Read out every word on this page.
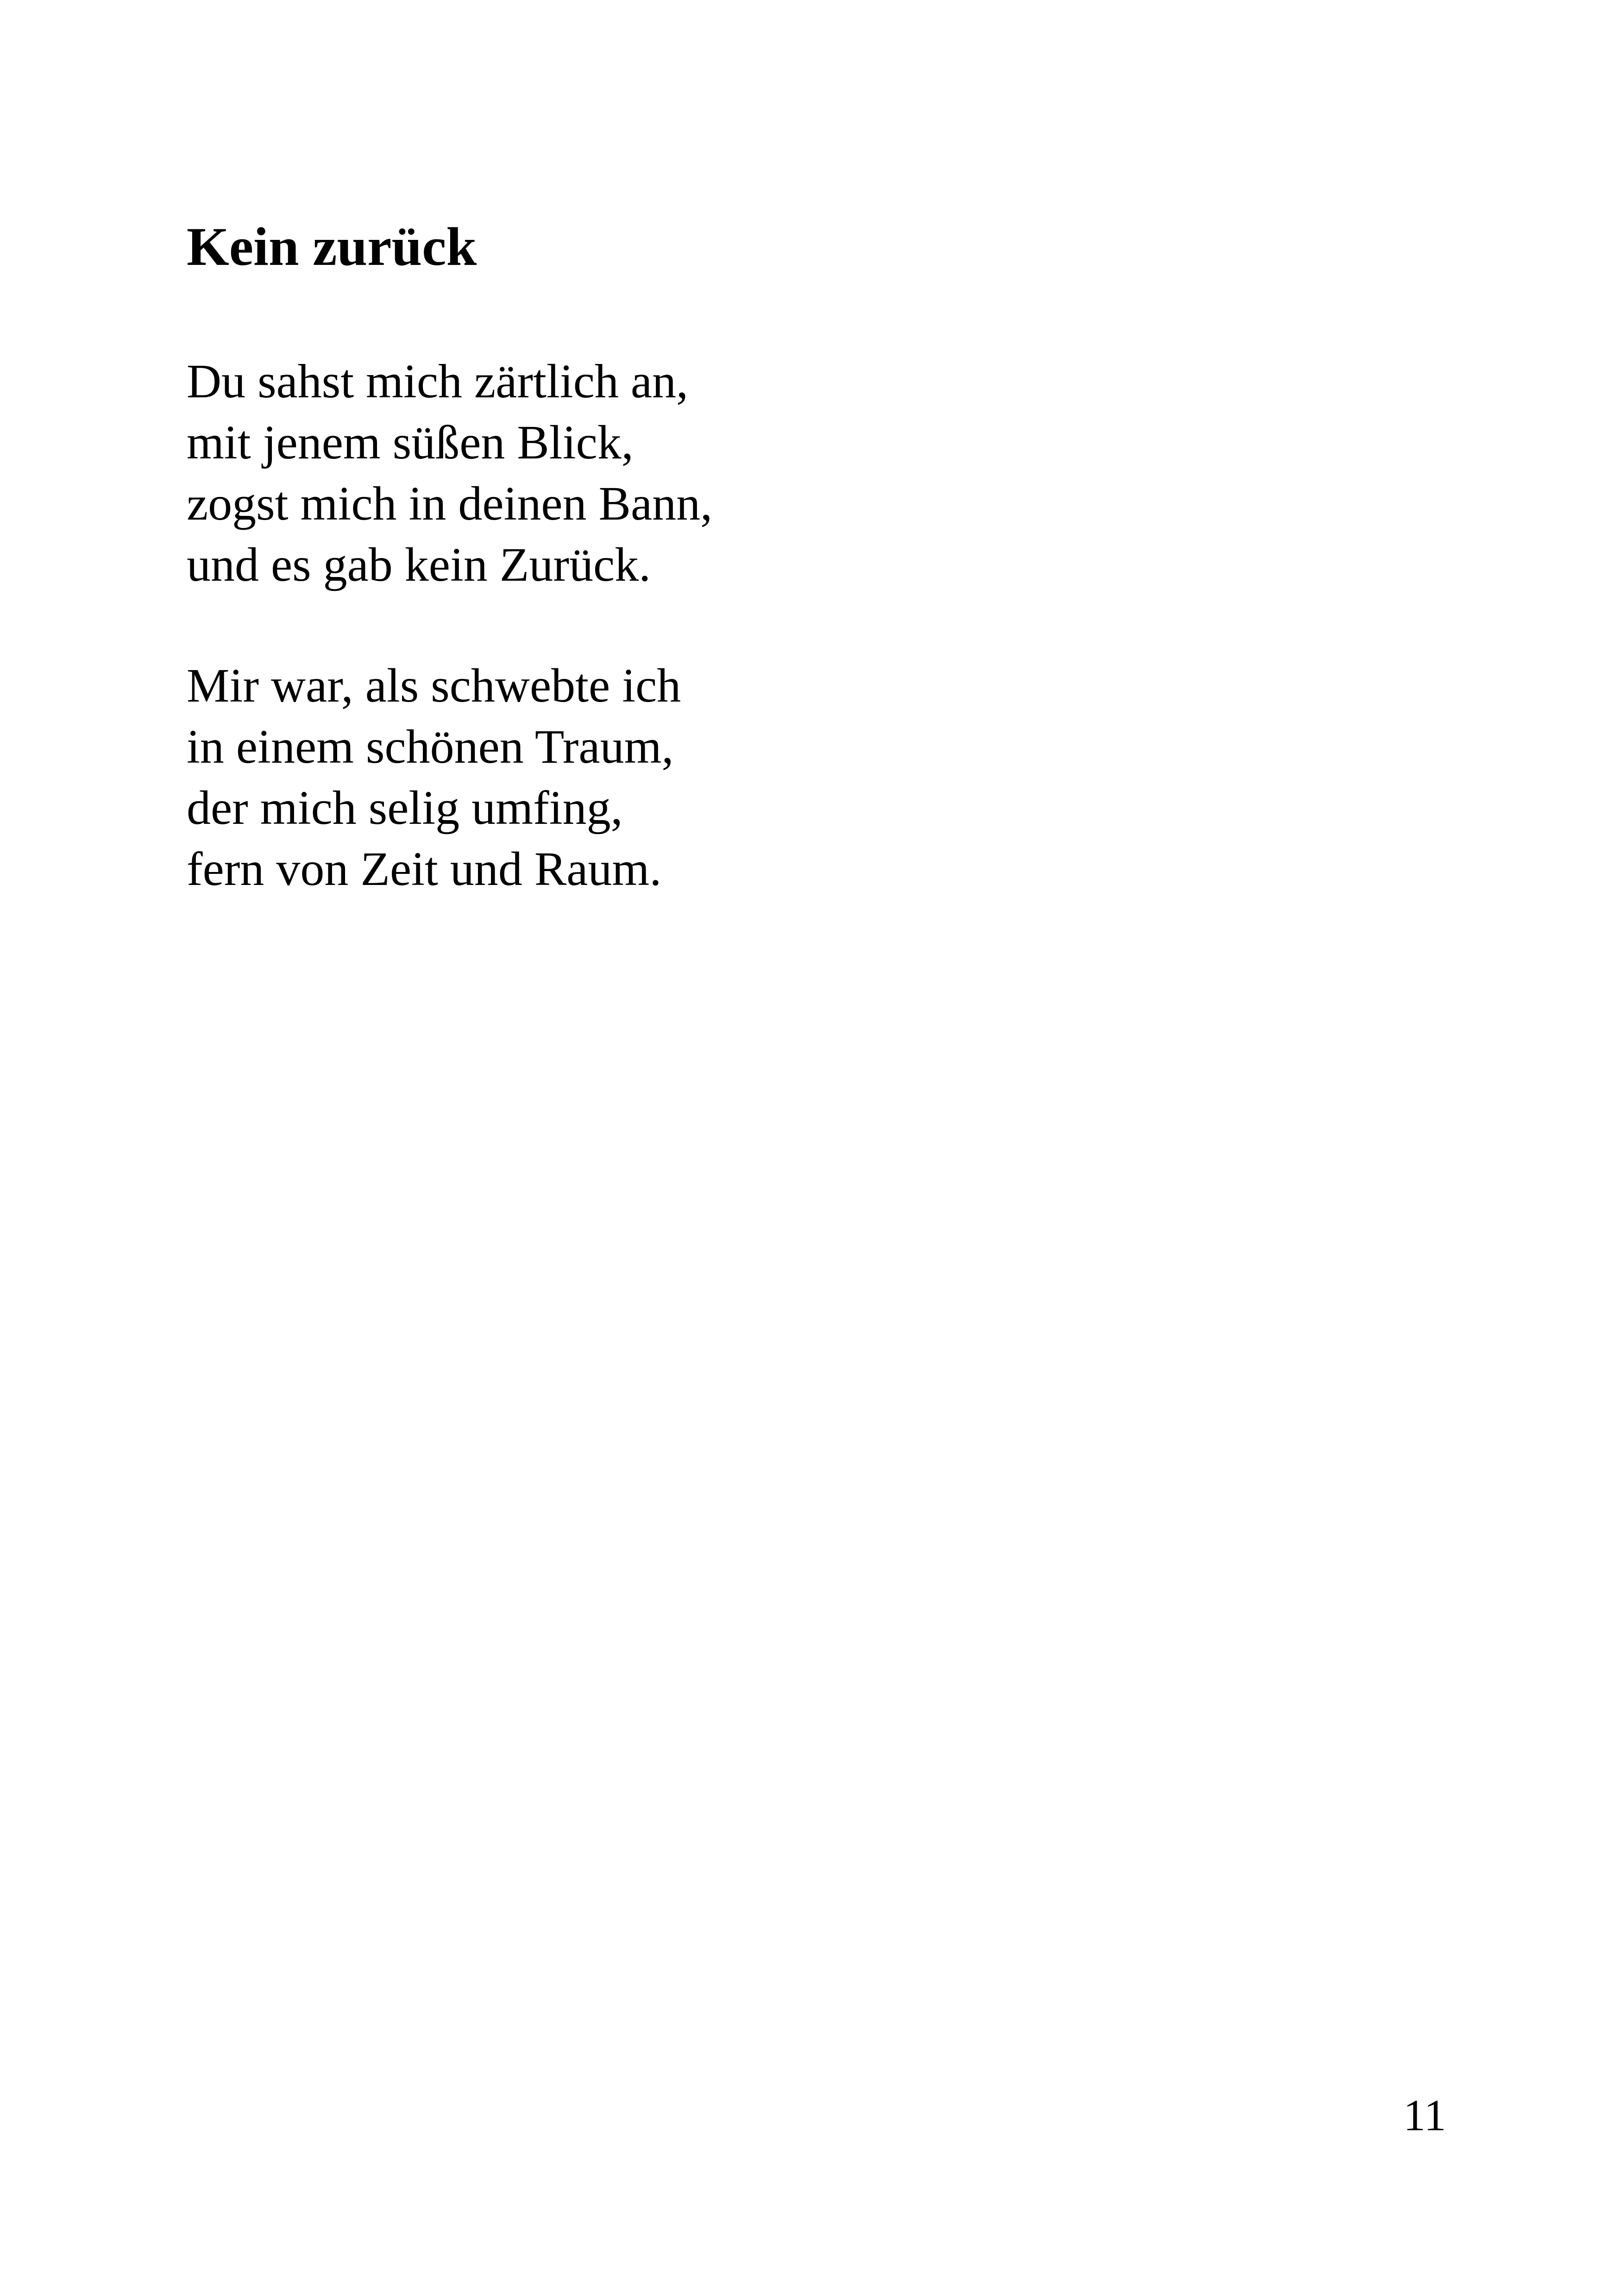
Kein zurück
Du sahst mich zärtlich an,
mit jenem süßen Blick,
zogst mich in deinen Bann,
und es gab kein Zurück.
Mir war, als schwebte ich
in einem schönen Traum,
der mich selig umfing,
fern von Zeit und Raum.
11
